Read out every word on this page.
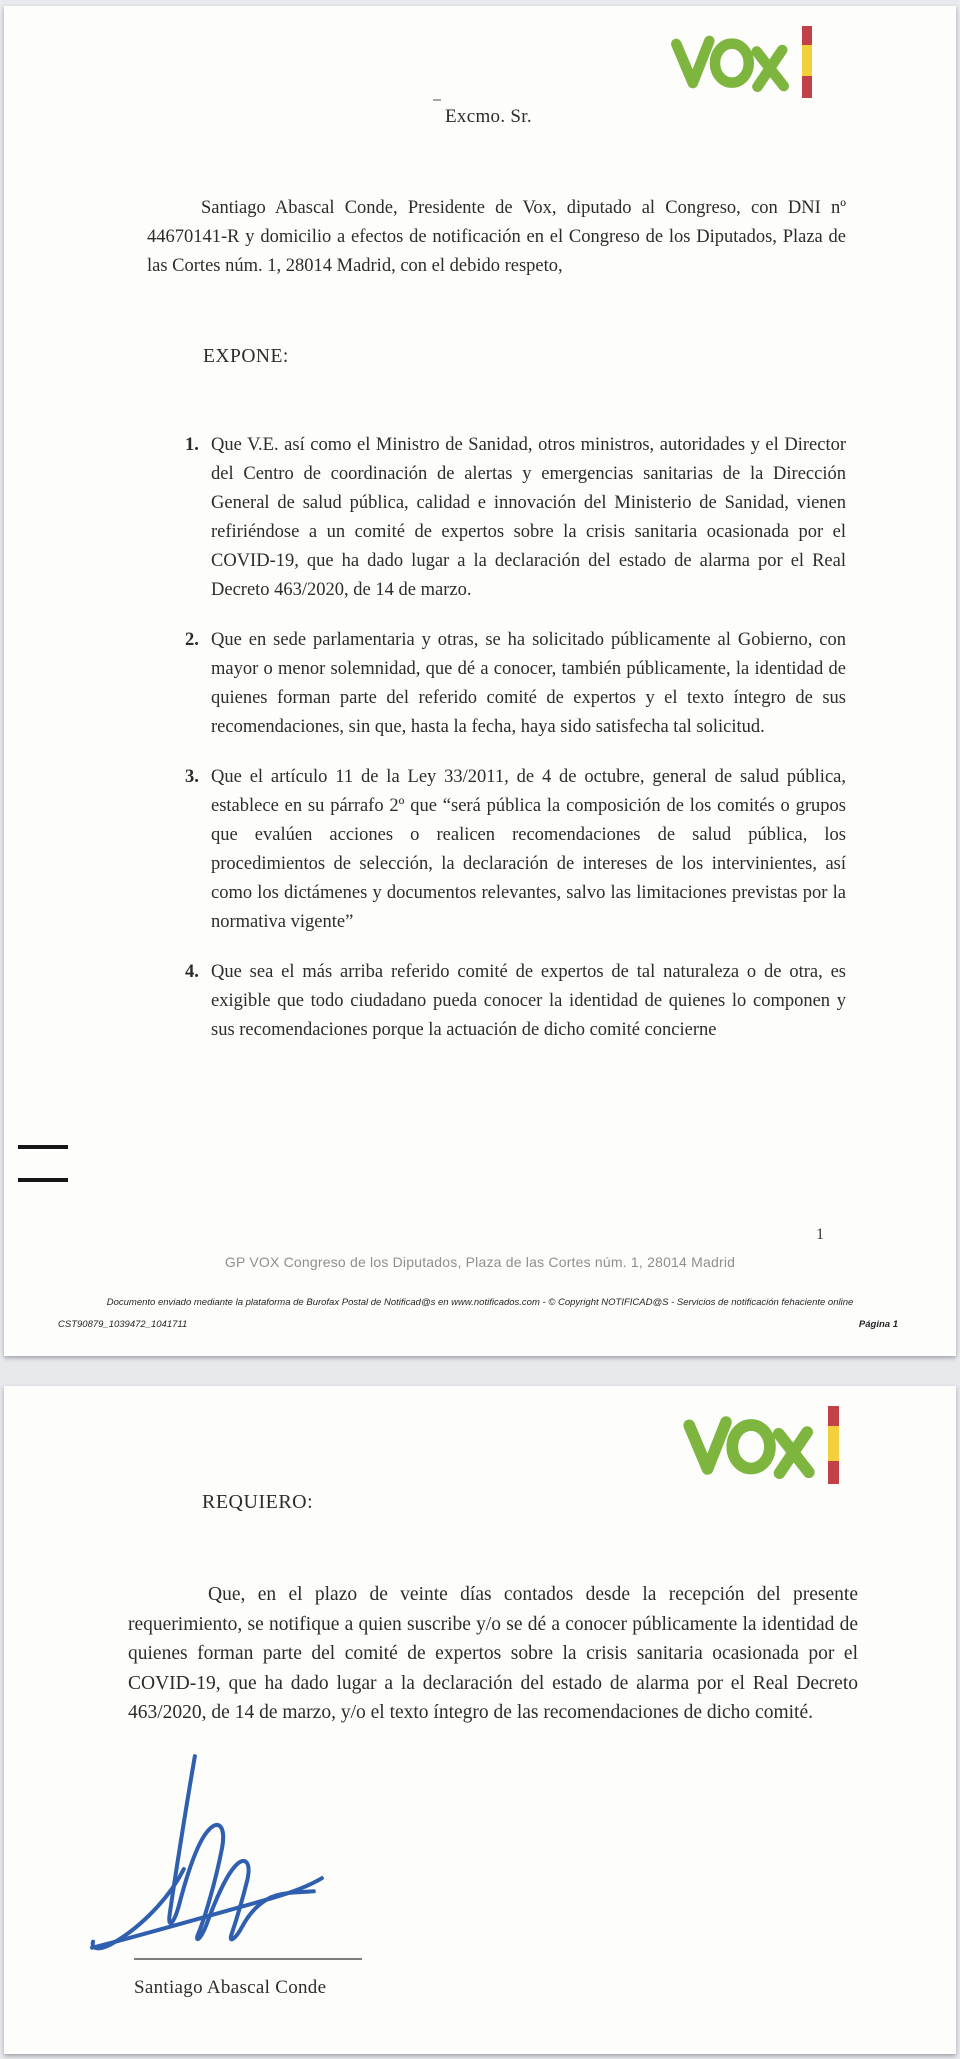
Excmo. Sr.
Santiago Abascal Conde, Presidente de Vox, diputado al Congreso, con DNI nº 44670141-R y domicilio a efectos de notificación en el Congreso de los Diputados, Plaza de las Cortes núm. 1, 28014 Madrid, con el debido respeto,
EXPONE:
1. Que V.E. así como el Ministro de Sanidad, otros ministros, autoridades y el Director del Centro de coordinación de alertas y emergencias sanitarias de la Dirección General de salud pública, calidad e innovación del Ministerio de Sanidad, vienen refiriéndose a un comité de expertos sobre la crisis sanitaria ocasionada por el COVID-19, que ha dado lugar a la declaración del estado de alarma por el Real Decreto 463/2020, de 14 de marzo.
2. Que en sede parlamentaria y otras, se ha solicitado públicamente al Gobierno, con mayor o menor solemnidad, que dé a conocer, también públicamente, la identidad de quienes forman parte del referido comité de expertos y el texto íntegro de sus recomendaciones, sin que, hasta la fecha, haya sido satisfecha tal solicitud.
3. Que el artículo 11 de la Ley 33/2011, de 4 de octubre, general de salud pública, establece en su párrafo 2º que “será pública la composición de los comités o grupos que evalúen acciones o realicen recomendaciones de salud pública, los procedimientos de selección, la declaración de intereses de los intervinientes, así como los dictámenes y documentos relevantes, salvo las limitaciones previstas por la normativa vigente”
4. Que sea el más arriba referido comité de expertos de tal naturaleza o de otra, es exigible que todo ciudadano pueda conocer la identidad de quienes lo componen y sus recomendaciones porque la actuación de dicho comité concierne
1
GP VOX Congreso de los Diputados, Plaza de las Cortes núm. 1, 28014 Madrid
Documento enviado mediante la plataforma de Burofax Postal de Notificad@s en www.notificados.com - © Copyright NOTIFICAD@S - Servicios de notificación fehaciente online
CST90879_1039472_1041711	Página 1
REQUIERO:
Que, en el plazo de veinte días contados desde la recepción del presente requerimiento, se notifique a quien suscribe y/o se dé a conocer públicamente la identidad de quienes forman parte del comité de expertos sobre la crisis sanitaria ocasionada por el COVID-19, que ha dado lugar a la declaración del estado de alarma por el Real Decreto 463/2020, de 14 de marzo, y/o el texto íntegro de las recomendaciones de dicho comité.
Santiago Abascal Conde
